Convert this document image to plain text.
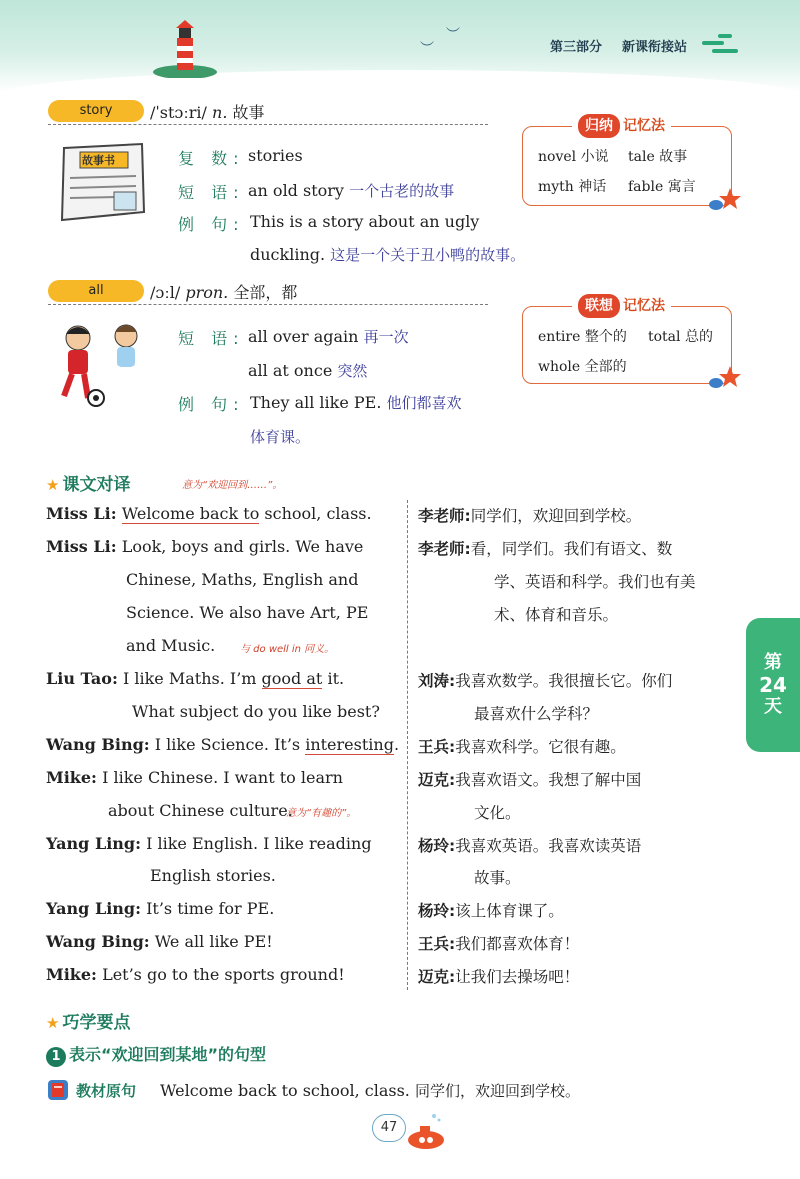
︶
︶
第三部分 新课衔接站
story	/ˈstɔːri/ n. 故事
故事书	复 数: stories
短 语: an old story 一个古老的故事
例 句: This is a story about an ugly
duckling. 这是一个关于丑小鸭的故事。
归纳 记忆法
novel 小说 tale 故事
myth 神话 fable 寓言
all	/ɔːl/ pron. 全部，都
短 语: all over again 再一次
all at once 突然
例 句: They all like PE. 他们都喜欢
体育课。
联想 记忆法
entire 整个的 total 总的
whole 全部的
★ 课文对译	意为“欢迎回到……”。
与 do well in 同义。
意为“有趣的”。
Miss Li: Welcome back to school, class.
Miss Li: Look, boys and girls. We have
Chinese, Maths, English and
Science. We also have Art, PE
and Music.
Liu Tao: I like Maths. I’m good at it.
What subject do you like best?
Wang Bing: I like Science. It’s interesting.
Mike: I like Chinese. I want to learn
about Chinese culture.
Yang Ling: I like English. I like reading
English stories.
Yang Ling: It’s time for PE.
Wang Bing: We all like PE!
Mike: Let’s go to the sports ground!
李老师:同学们，欢迎回到学校。
李老师:看，同学们。我们有语文、数
学、英语和科学。我们也有美
术、体育和音乐。
刘涛:我喜欢数学。我很擅长它。你们
最喜欢什么学科？
王兵:我喜欢科学。它很有趣。
迈克:我喜欢语文。我想了解中国
文化。
杨玲:我喜欢英语。我喜欢读英语
故事。
杨玲:该上体育课了。
王兵:我们都喜欢体育！
迈克:让我们去操场吧！
第
24
天
★ 巧学要点
1 表示“欢迎回到某地”的句型
教材原句 Welcome back to school, class. 同学们，欢迎回到学校。
47
